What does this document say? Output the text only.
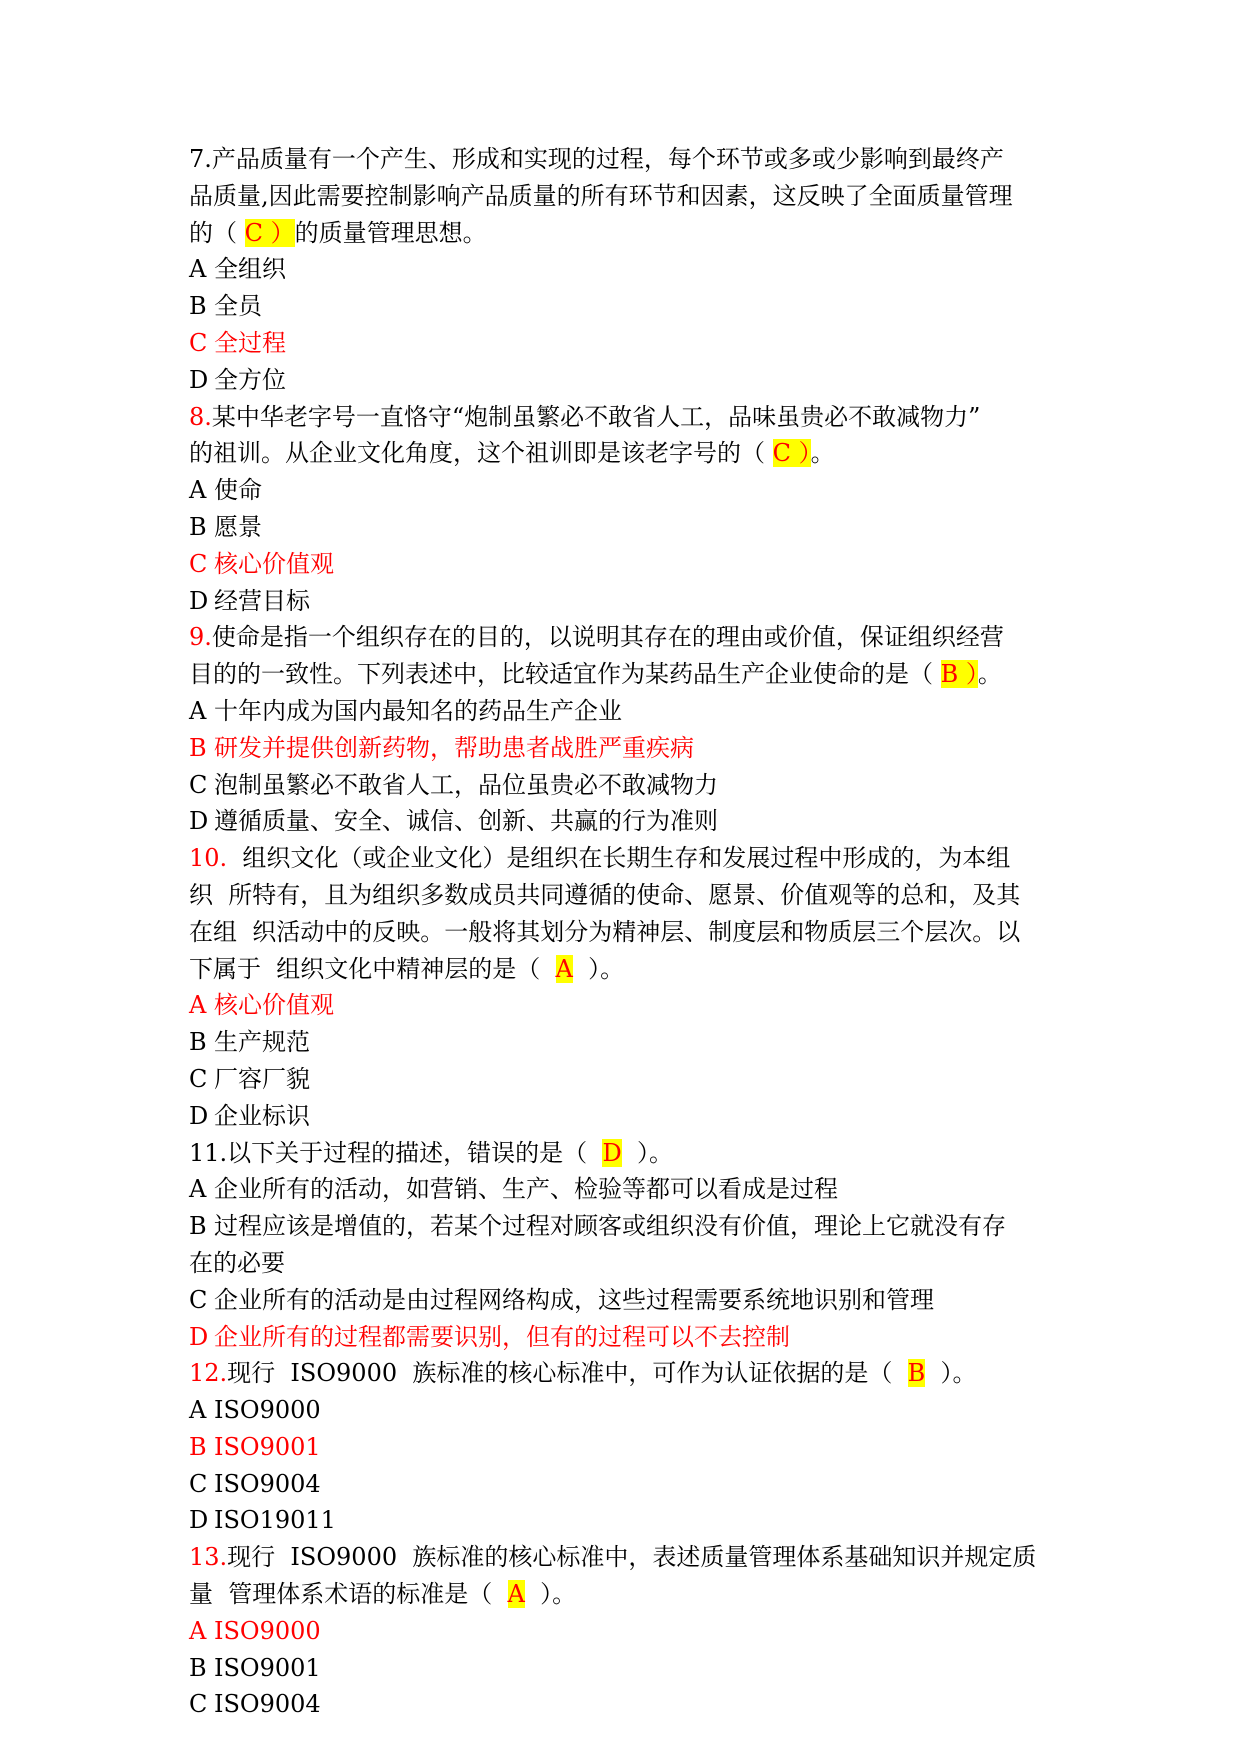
7.产品质量有一个产生、形成和实现的过程，每个环节或多或少影响到最终产
品质量,因此需要控制影响产品质量的所有环节和因素，这反映了全面质量管理
的（ C ）的质量管理思想。
A 全组织
B 全员
C 全过程
D 全方位
8.某中华老字号一直恪守“炮制虽繁必不敢省人工，品味虽贵必不敢减物力”
的祖训。从企业文化角度，这个祖训即是该老字号的（ C ）。
A 使命
B 愿景
C 核心价值观
D 经营目标
9.使命是指一个组织存在的目的，以说明其存在的理由或价值，保证组织经营
目的的一致性。下列表述中，比较适宜作为某药品生产企业使命的是（ B ）。
A 十年内成为国内最知名的药品生产企业
B 研发并提供创新药物，帮助患者战胜严重疾病
C 泡制虽繁必不敢省人工，品位虽贵必不敢减物力
D 遵循质量、安全、诚信、创新、共赢的行为准则
10.  组织文化（或企业文化）是组织在长期生存和发展过程中形成的，为本组
织  所特有，且为组织多数成员共同遵循的使命、愿景、价值观等的总和，及其
在组  织活动中的反映。一般将其划分为精神层、制度层和物质层三个层次。以
下属于  组织文化中精神层的是（  A  ）。
A 核心价值观
B 生产规范
C 厂容厂貌
D 企业标识
11.以下关于过程的描述，错误的是（  D  ）。
A 企业所有的活动，如营销、生产、检验等都可以看成是过程
B 过程应该是增值的，若某个过程对顾客或组织没有价值，理论上它就没有存
在的必要
C 企业所有的活动是由过程网络构成，这些过程需要系统地识别和管理
D 企业所有的过程都需要识别，但有的过程可以不去控制
12.现行  ISO9000  族标准的核心标准中，可作为认证依据的是（  B  ）。
A ISO9000
B ISO9001
C ISO9004
D ISO19011
13.现行  ISO9000  族标准的核心标准中，表述质量管理体系基础知识并规定质
量  管理体系术语的标准是（  A  ）。
A ISO9000
B ISO9001
C ISO9004
